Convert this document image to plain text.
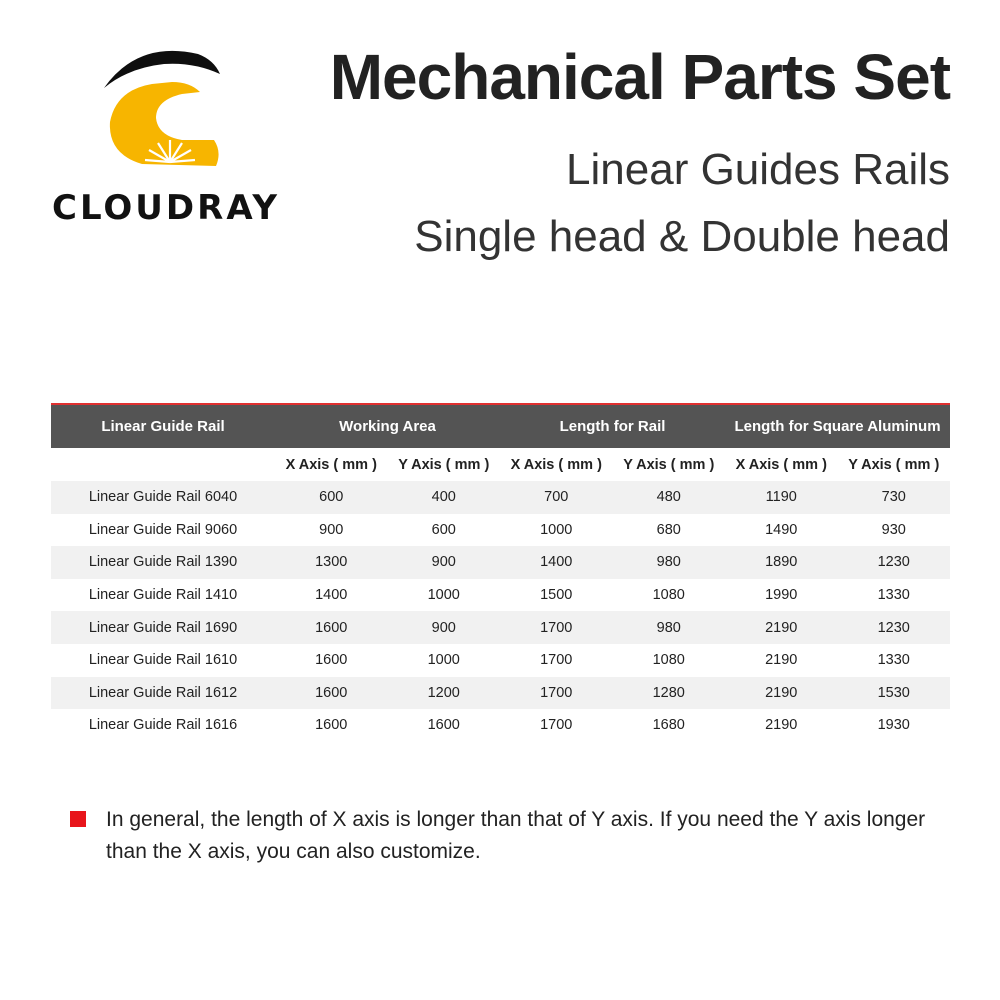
CLOUDRAY
Mechanical Parts Set
Linear Guides Rails
Single head & Double head
Linear Guide Rail	Working Area		Length for Rail		Length for Square Aluminum	
	X Axis ( mm )	Y Axis ( mm )	X Axis ( mm )	Y Axis ( mm )	X Axis ( mm )	Y Axis ( mm )
Linear Guide Rail 6040	600	400	700	480	1190	730
Linear Guide Rail 9060	900	600	1000	680	1490	930
Linear Guide Rail 1390	1300	900	1400	980	1890	1230
Linear Guide Rail 1410	1400	1000	1500	1080	1990	1330
Linear Guide Rail 1690	1600	900	1700	980	2190	1230
Linear Guide Rail 1610	1600	1000	1700	1080	2190	1330
Linear Guide Rail 1612	1600	1200	1700	1280	2190	1530
Linear Guide Rail 1616	1600	1600	1700	1680	2190	1930
In general, the length of X axis is longer than that of Y axis. If you need the Y axis longer than the X axis, you can also customize.
